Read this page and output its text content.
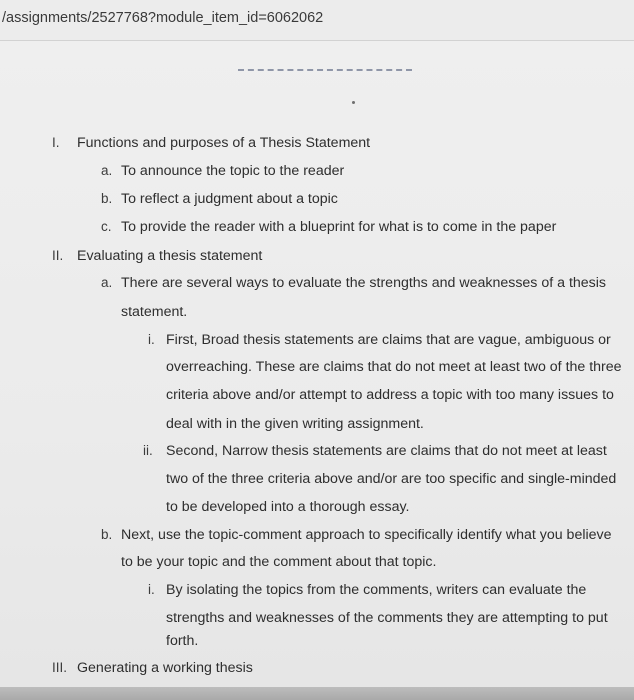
/assignments/2527768?module_item_id=6062062
I. Functions and purposes of a Thesis Statement
a. To announce the topic to the reader
b. To reflect a judgment about a topic
c. To provide the reader with a blueprint for what is to come in the paper
II. Evaluating a thesis statement
a. There are several ways to evaluate the strengths and weaknesses of a thesis
statement.
i. First, Broad thesis statements are claims that are vague, ambiguous or
overreaching. These are claims that do not meet at least two of the three
criteria above and/or attempt to address a topic with too many issues to
deal with in the given writing assignment.
ii. Second, Narrow thesis statements are claims that do not meet at least
two of the three criteria above and/or are too specific and single-minded
to be developed into a thorough essay.
b. Next, use the topic-comment approach to specifically identify what you believe
to be your topic and the comment about that topic.
i. By isolating the topics from the comments, writers can evaluate the
strengths and weaknesses of the comments they are attempting to put
forth.
III. Generating a working thesis
